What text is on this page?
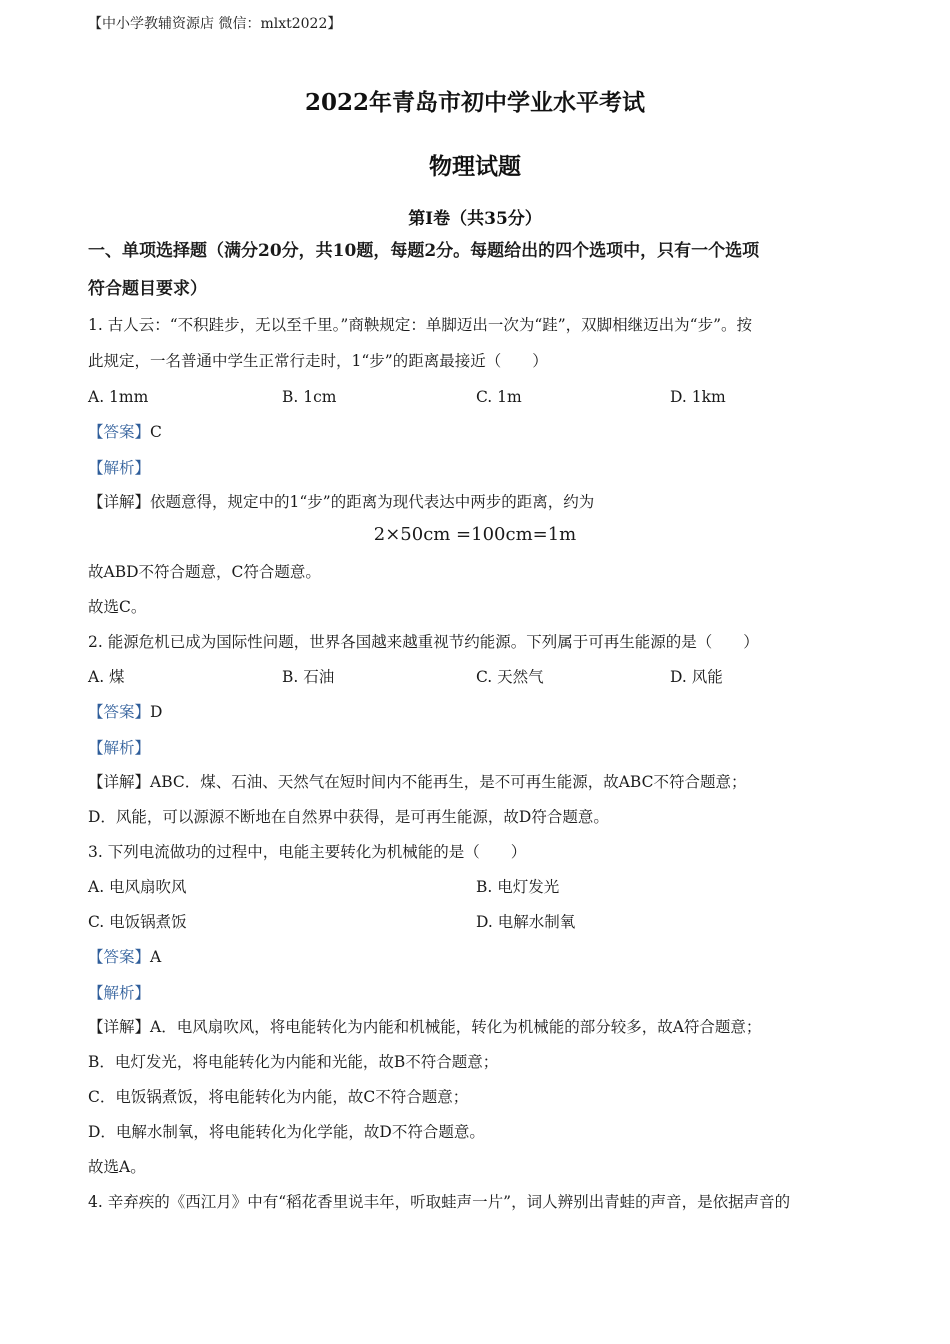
【中小学教辅资源店 微信：mlxt2022】
2022年青岛市初中学业水平考试
物理试题
第I卷（共35分）
一、单项选择题（满分20分，共10题，每题2分。每题给出的四个选项中，只有一个选项
符合题目要求）
1. 古人云：“不积跬步，无以至千里。”商鞅规定：单脚迈出一次为“跬”，双脚相继迈出为“步”。按
此规定，一名普通中学生正常行走时，1“步”的距离最接近（　　）
A. 1mm	B. 1cm	C. 1m	D. 1km
【答案】C
【解析】
【详解】依题意得，规定中的1“步”的距离为现代表达中两步的距离，约为
2×50cm =100cm=1m
故ABD不符合题意，C符合题意。
故选C。
2. 能源危机已成为国际性问题，世界各国越来越重视节约能源。下列属于可再生能源的是（　　）
A. 煤	B. 石油	C. 天然气	D. 风能
【答案】D
【解析】
【详解】ABC．煤、石油、天然气在短时间内不能再生，是不可再生能源，故ABC不符合题意；
D．风能，可以源源不断地在自然界中获得，是可再生能源，故D符合题意。
3. 下列电流做功的过程中，电能主要转化为机械能的是（　　）
A. 电风扇吹风	B. 电灯发光
C. 电饭锅煮饭	D. 电解水制氧
【答案】A
【解析】
【详解】A．电风扇吹风，将电能转化为内能和机械能，转化为机械能的部分较多，故A符合题意；
B．电灯发光，将电能转化为内能和光能，故B不符合题意；
C．电饭锅煮饭，将电能转化为内能，故C不符合题意；
D．电解水制氧，将电能转化为化学能，故D不符合题意。
故选A。
4. 辛弃疾的《西江月》中有“稻花香里说丰年，听取蛙声一片”，词人辨别出青蛙的声音，是依据声音的
